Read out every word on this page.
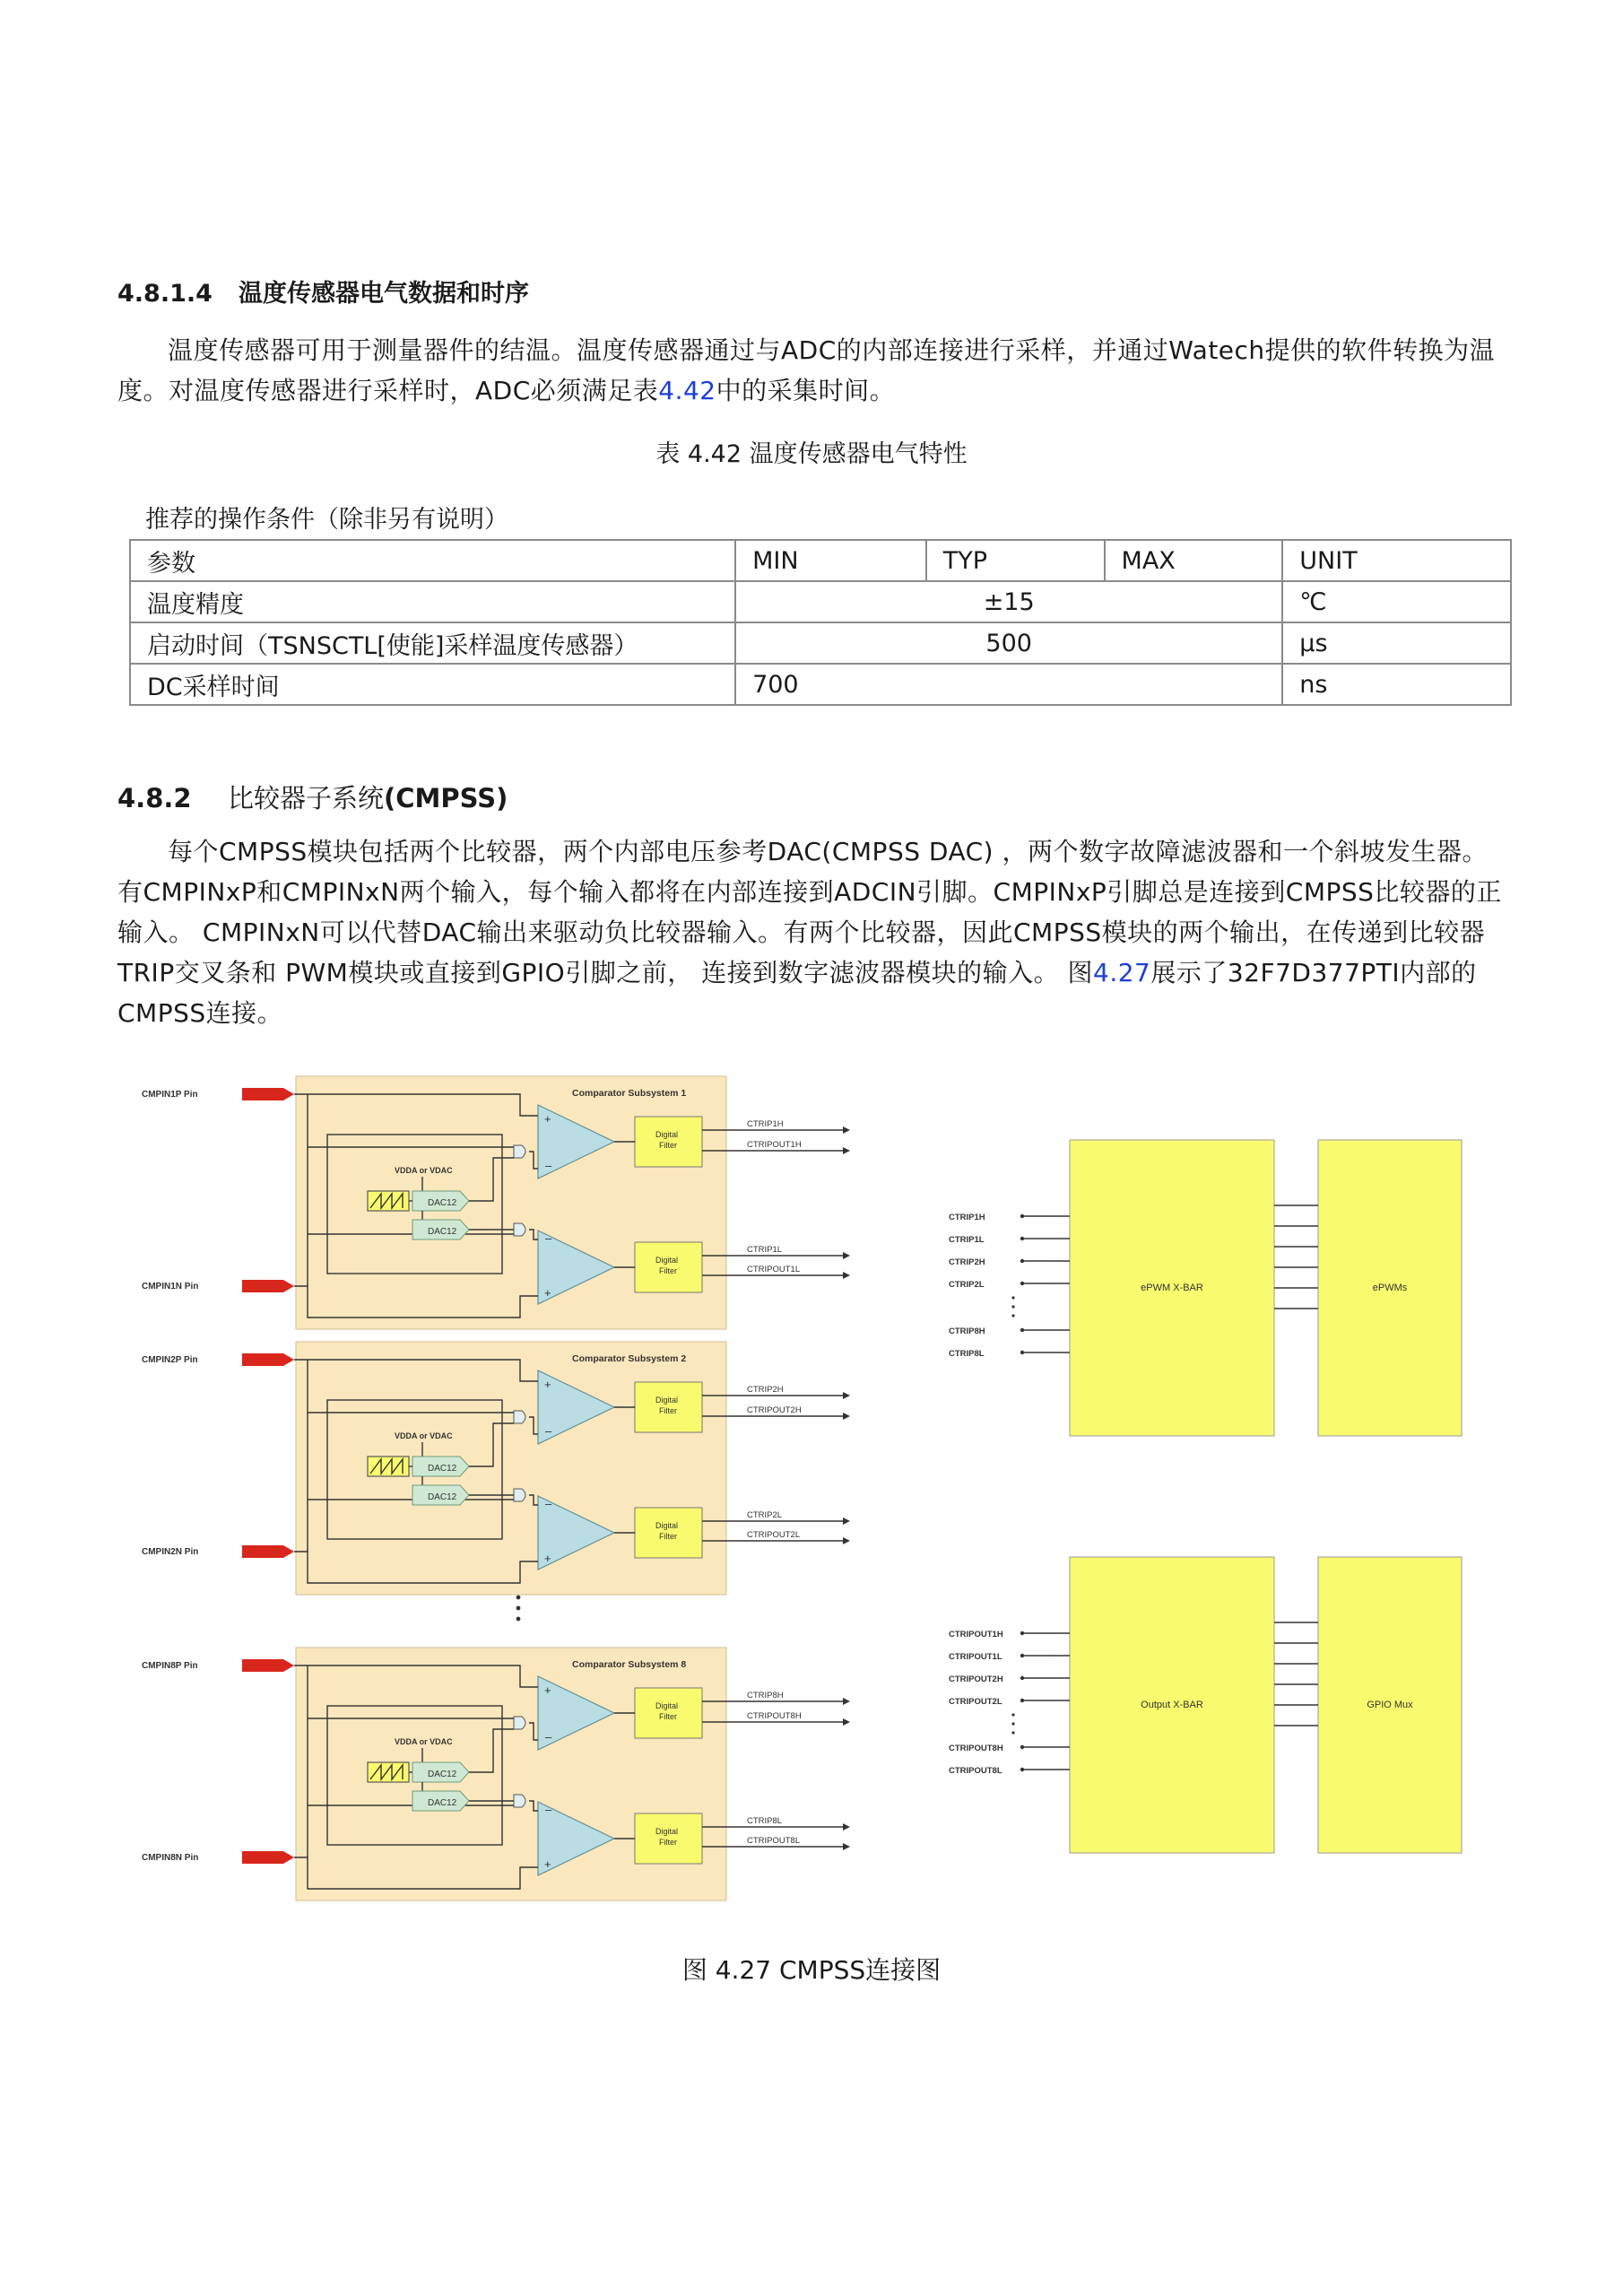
4.8.1.4 温度传感器电气数据和时序
温度传感器可用于测量器件的结温。温度传感器通过与ADC的内部连接进行采样，并通过Watech提供的软件转换为温度。对温度传感器进行采样时，ADC必须满足表4.42中的采集时间。
表 4.42 温度传感器电气特性
推荐的操作条件（除非另有说明）
参数	MIN	TYP	MAX	UNIT
温度精度	±15			℃
启动时间（TSNSCTL[使能]采样温度传感器）	500			μs
DC采样时间	700			ns
4.8.2 比较器子系统(CMPSS)
每个CMPSS模块包括两个比较器，两个内部电压参考DAC(CMPSS DAC) ，两个数字故障滤波器和一个斜坡发生器。有CMPINxP和CMPINxN两个输入，每个输入都将在内部连接到ADCIN引脚。CMPINxP引脚总是连接到CMPSS比较器的正输入。 CMPINxN可以代替DAC输出来驱动负比较器输入。有两个比较器，因此CMPSS模块的两个输出，在传递到比较器TRIP交叉条和 PWM模块或直接到GPIO引脚之前， 连接到数字滤波器模块的输入。 图4.27展示了32F7D377PTI内部的CMPSS连接。
Comparator Subsystem 1
CMPIN1P Pin
CMPIN1N Pin
+
–
–
+
VDDA or VDAC
DAC12
DAC12
Digital
Filter
Digital
Filter
CTRIP1H
CTRIPOUT1H
CTRIP1L
CTRIPOUT1L
Comparator Subsystem 2
CMPIN2P Pin
CMPIN2N Pin
+
–
–
+
VDDA or VDAC
DAC12
DAC12
Digital
Filter
Digital
Filter
CTRIP2H
CTRIPOUT2H
CTRIP2L
CTRIPOUT2L
Comparator Subsystem 8
CMPIN8P Pin
CMPIN8N Pin
+
–
–
+
VDDA or VDAC
DAC12
DAC12
Digital
Filter
Digital
Filter
CTRIP8H
CTRIPOUT8H
CTRIP8L
CTRIPOUT8L
ePWM X-BAR	ePWMs
CTRIP1H
CTRIP1L
CTRIP2H
CTRIP2L
CTRIP8H
CTRIP8L
Output X-BAR	GPIO Mux
CTRIPOUT1H
CTRIPOUT1L
CTRIPOUT2H
CTRIPOUT2L
CTRIPOUT8H
CTRIPOUT8L
图 4.27 CMPSS连接图
